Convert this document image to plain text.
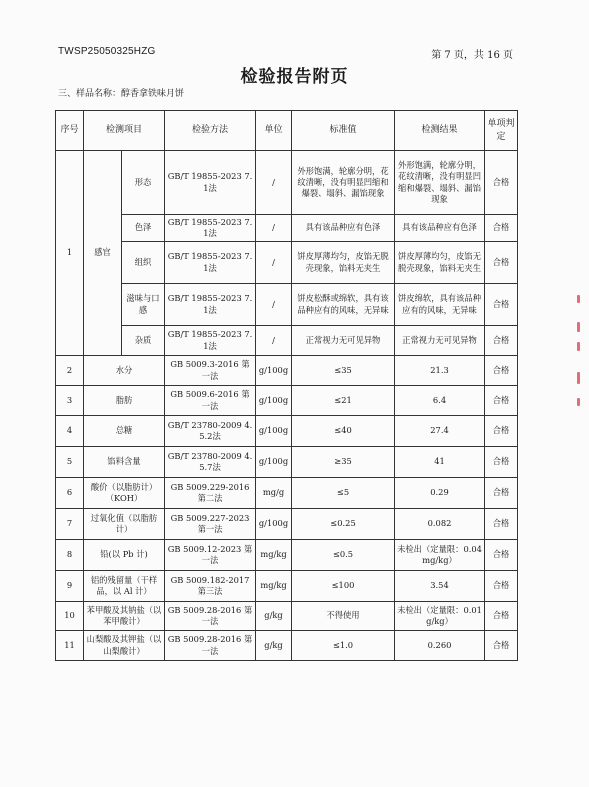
TWSP25050325HZG	第 7 页，共 16 页
检验报告附页
三、样品名称：醇香拿铁味月饼
序号	检测项目		检验方法	单位	标准值	检测结果	单项判定
1	感官	形态	GB/T 19855-2023 7.1法	/	外形饱满，轮廓分明，花纹清晰，没有明显凹缩和爆裂、塌斜、漏馅现象	外形饱满，轮廓分明，花纹清晰，没有明显凹缩和爆裂、塌斜、漏馅现象	合格
		色泽	GB/T 19855-2023 7.1法	/	具有该品种应有色泽	具有该品种应有色泽	合格
		组织	GB/T 19855-2023 7.1法	/	饼皮厚薄均匀，皮馅无脱壳现象，馅料无夹生	饼皮厚薄均匀，皮馅无脱壳现象，馅料无夹生	合格
		滋味与口感	GB/T 19855-2023 7.1法	/	饼皮松酥或绵软，具有该品种应有的风味，无异味	饼皮绵软，具有该品种应有的风味，无异味	合格
		杂质	GB/T 19855-2023 7.1法	/	正常视力无可见异物	正常视力无可见异物	合格
2	水分		GB 5009.3-2016 第一法	g/100g	≤35	21.3	合格
3	脂肪		GB 5009.6-2016 第一法	g/100g	≤21	6.4	合格
4	总糖		GB/T 23780-2009 4.5.2法	g/100g	≤40	27.4	合格
5	馅料含量		GB/T 23780-2009 4.5.7法	g/100g	≥35	41	合格
6	酸价（以脂肪计）（KOH）		GB 5009.229-2016 第二法	mg/g	≤5	0.29	合格
7	过氧化值（以脂肪计）		GB 5009.227-2023 第一法	g/100g	≤0.25	0.082	合格
8	铅(以 Pb 计)		GB 5009.12-2023 第一法	mg/kg	≤0.5	未检出（定量限：0.04mg/kg）	合格
9	铝的残留量（干样品，以 Al 计）		GB 5009.182-2017 第三法	mg/kg	≤100	3.54	合格
10	苯甲酸及其钠盐（以苯甲酸计）		GB 5009.28-2016 第一法	g/kg	不得使用	未检出（定量限：0.01g/kg）	合格
11	山梨酸及其钾盐（以山梨酸计）		GB 5009.28-2016 第一法	g/kg	≤1.0	0.260	合格
